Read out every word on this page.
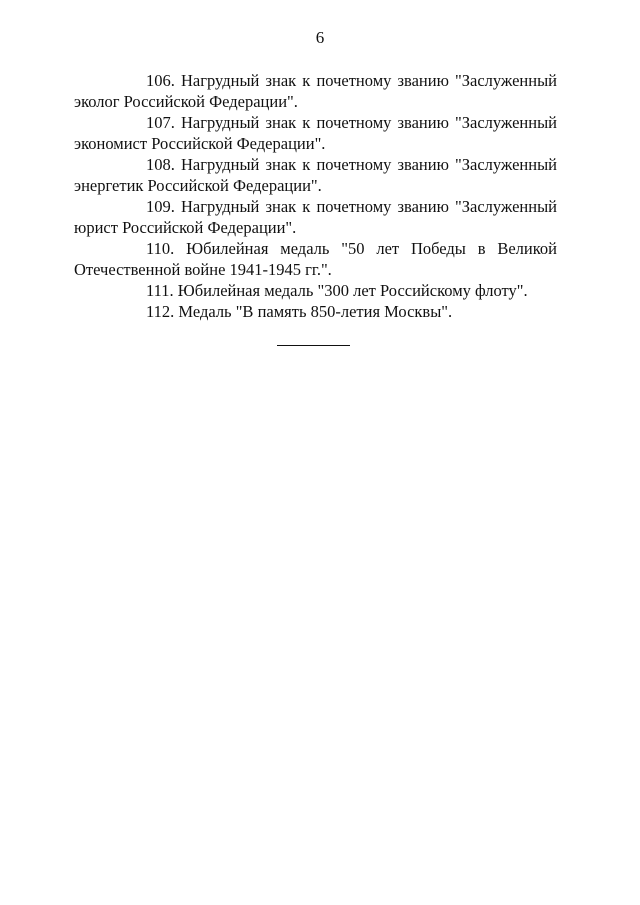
6

106. Нагрудный знак к почетному званию "Заслуженный эколог Российской Федерации".

107. Нагрудный знак к почетному званию "Заслуженный экономист Российской Федерации".

108. Нагрудный знак к почетному званию "Заслуженный энергетик Российской Федерации".

109. Нагрудный знак к почетному званию "Заслуженный юрист Российской Федерации".

110. Юбилейная медаль "50 лет Победы в Великой Отечественной войне 1941-1945 гг.".

111. Юбилейная медаль "300 лет Российскому флоту".

112. Медаль "В память 850-летия Москвы".
